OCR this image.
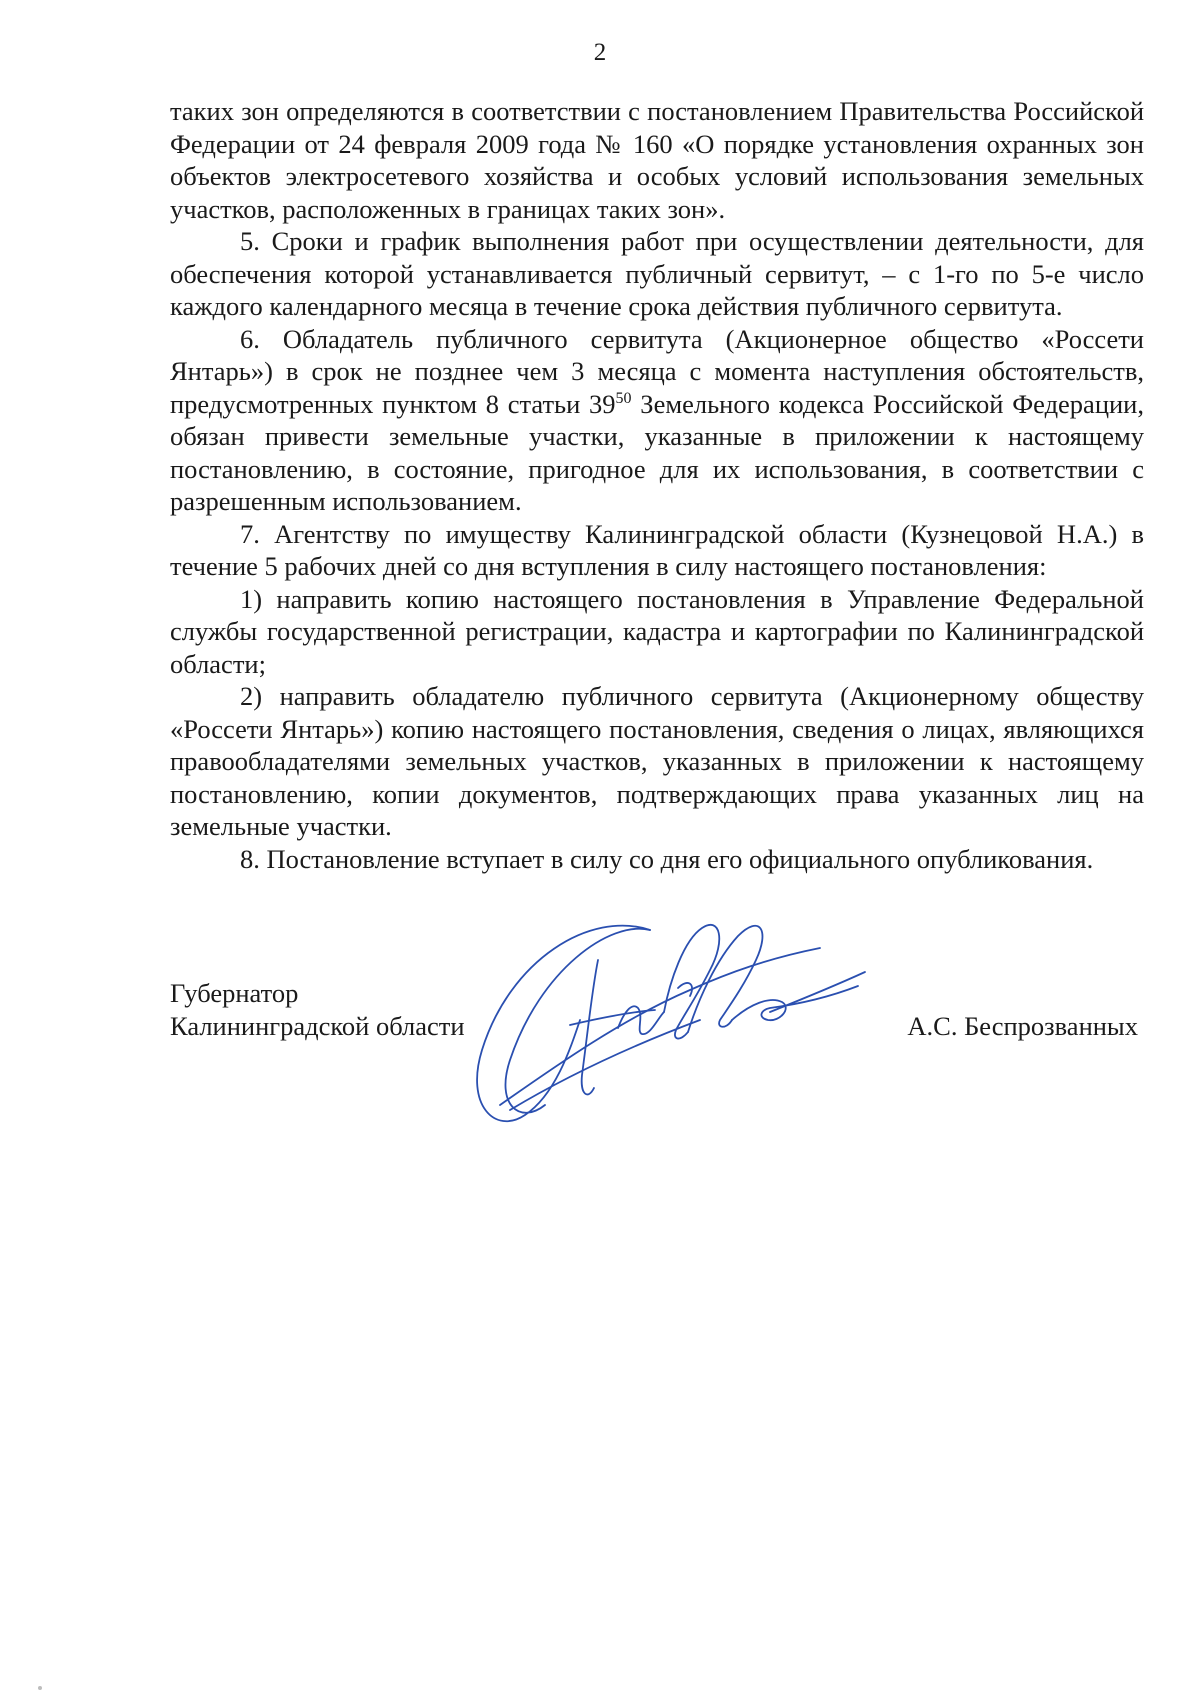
2

таких зон определяются в соответствии с постановлением Правительства Российской Федерации от 24 февраля 2009 года № 160 «О порядке установления охранных зон объектов электросетевого хозяйства и особых условий использования земельных участков, расположенных в границах таких зон».

5. Сроки и график выполнения работ при осуществлении деятельности, для обеспечения которой устанавливается публичный сервитут, – с 1-го по 5-е число каждого календарного месяца в течение срока действия публичного сервитута.

6. Обладатель публичного сервитута (Акционерное общество «Россети Янтарь») в срок не позднее чем 3 месяца с момента наступления обстоятельств, предусмотренных пунктом 8 статьи $39^{50}$ Земельного кодекса Российской Федерации, обязан привести земельные участки, указанные в приложении к настоящему постановлению, в состояние, пригодное для их использования, в соответствии с разрешенным использованием.

7. Агентству по имуществу Калининградской области (Кузнецовой Н.А.) в течение 5 рабочих дней со дня вступления в силу настоящего постановления:

1) направить копию настоящего постановления в Управление Федеральной службы государственной регистрации, кадастра и картографии по Калининградской области;

2) направить обладателю публичного сервитута (Акционерному обществу «Россети Янтарь») копию настоящего постановления, сведения о лицах, являющихся правообладателями земельных участков, указанных в приложении к настоящему постановлению, копии документов, подтверждающих права указанных лиц на земельные участки.

8. Постановление вступает в силу со дня его официального опубликования.

Губернатор
Калининградской области	А.С. Беспрозванных
